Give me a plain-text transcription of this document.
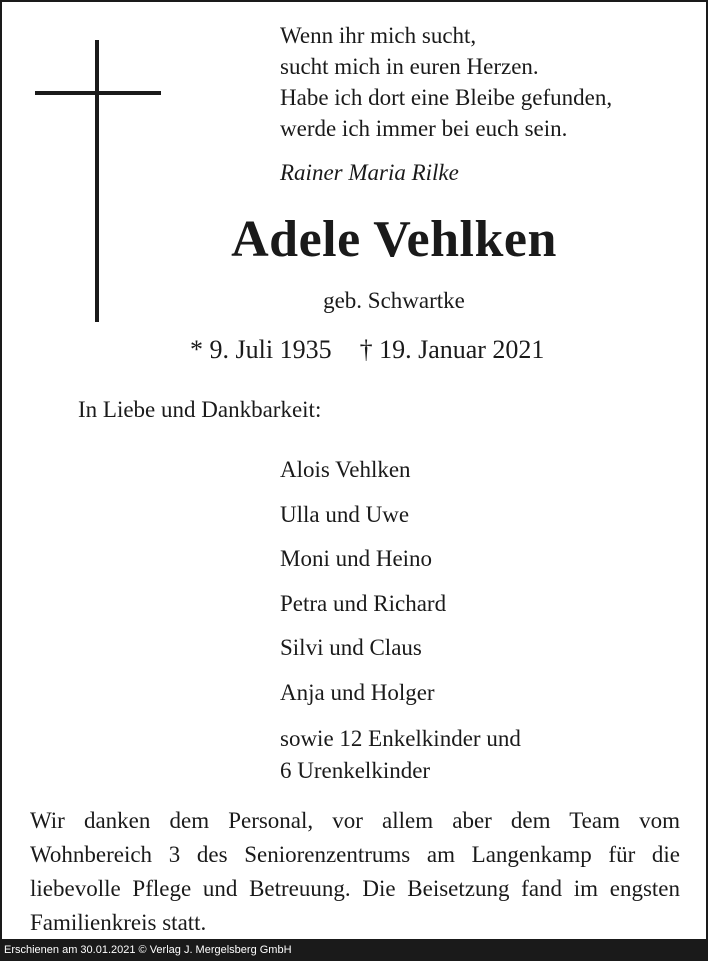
Wenn ihr mich sucht,
sucht mich in euren Herzen.
Habe ich dort eine Bleibe gefunden,
werde ich immer bei euch sein.
Rainer Maria Rilke
Adele Vehlken
geb. Schwartke
* 9. Juli 1935 † 19. Januar 2021
In Liebe und Dankbarkeit:
Alois Vehlken
Ulla und Uwe
Moni und Heino
Petra und Richard
Silvi und Claus
Anja und Holger
sowie 12 Enkelkinder und
6 Urenkelkinder
Wir danken dem Personal, vor allem aber dem Team vom Wohnbereich 3 des Seniorenzentrums am Langenkamp für die liebevolle Pflege und Betreuung. Die Beisetzung fand im engsten Familienkreis statt.
Erschienen am 30.01.2021 © Verlag J. Mergelsberg GmbH
